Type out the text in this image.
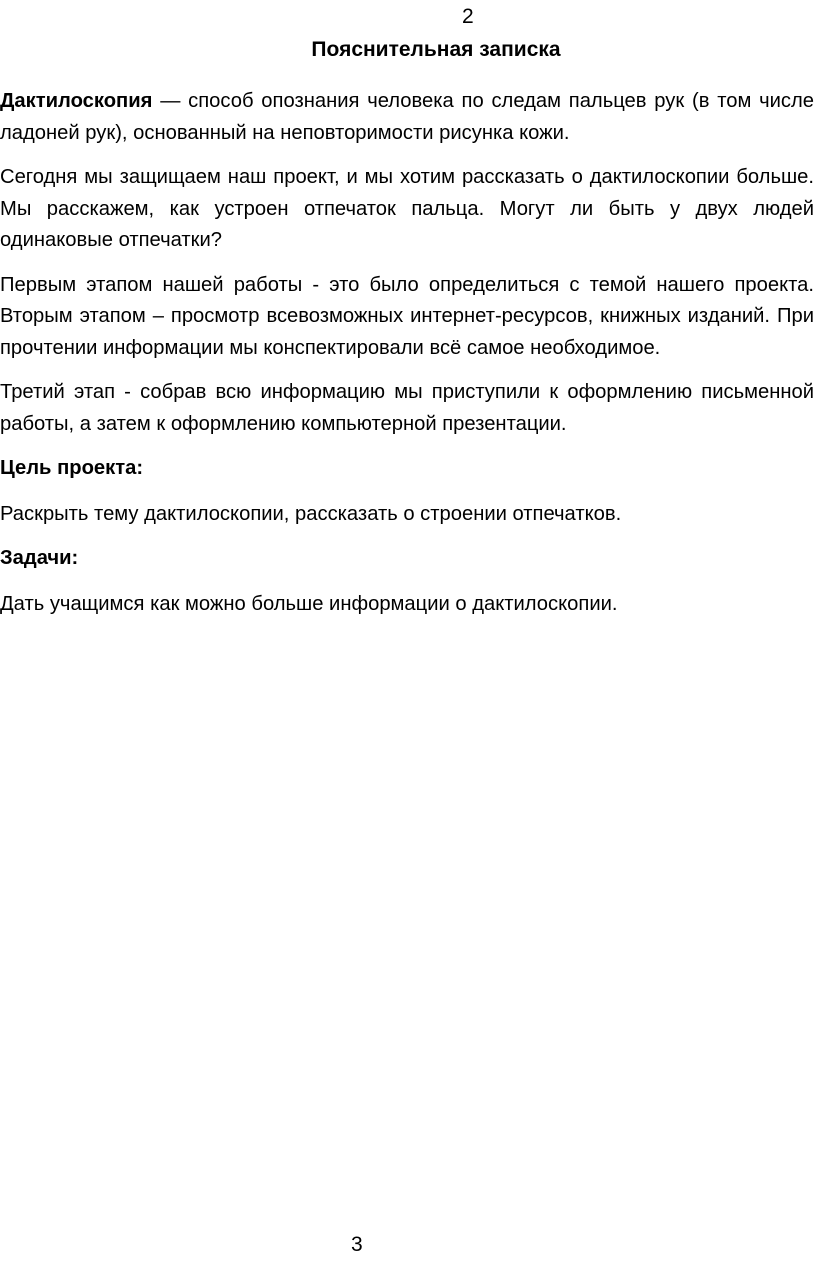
2
Пояснительная записка

Дактилоскопия — способ опознания человека по следам пальцев рук (в том числе ладоней рук), основанный на неповторимости рисунка кожи.

Сегодня мы защищаем наш проект, и мы хотим рассказать о дактилоскопии больше. Мы расскажем, как устроен отпечаток пальца. Могут ли быть у двух людей одинаковые отпечатки?

Первым этапом нашей работы - это было определиться с темой нашего проекта. Вторым этапом – просмотр всевозможных интернет-ресурсов, книжных изданий. При прочтении информации мы конспектировали всё самое необходимое.

Третий этап - собрав всю информацию мы приступили к оформлению письменной работы, а затем к оформлению компьютерной презентации.

Цель проекта:

Раскрыть тему дактилоскопии, рассказать о строении отпечатков.

Задачи:

Дать учащимся как можно больше информации о дактилоскопии.

3
